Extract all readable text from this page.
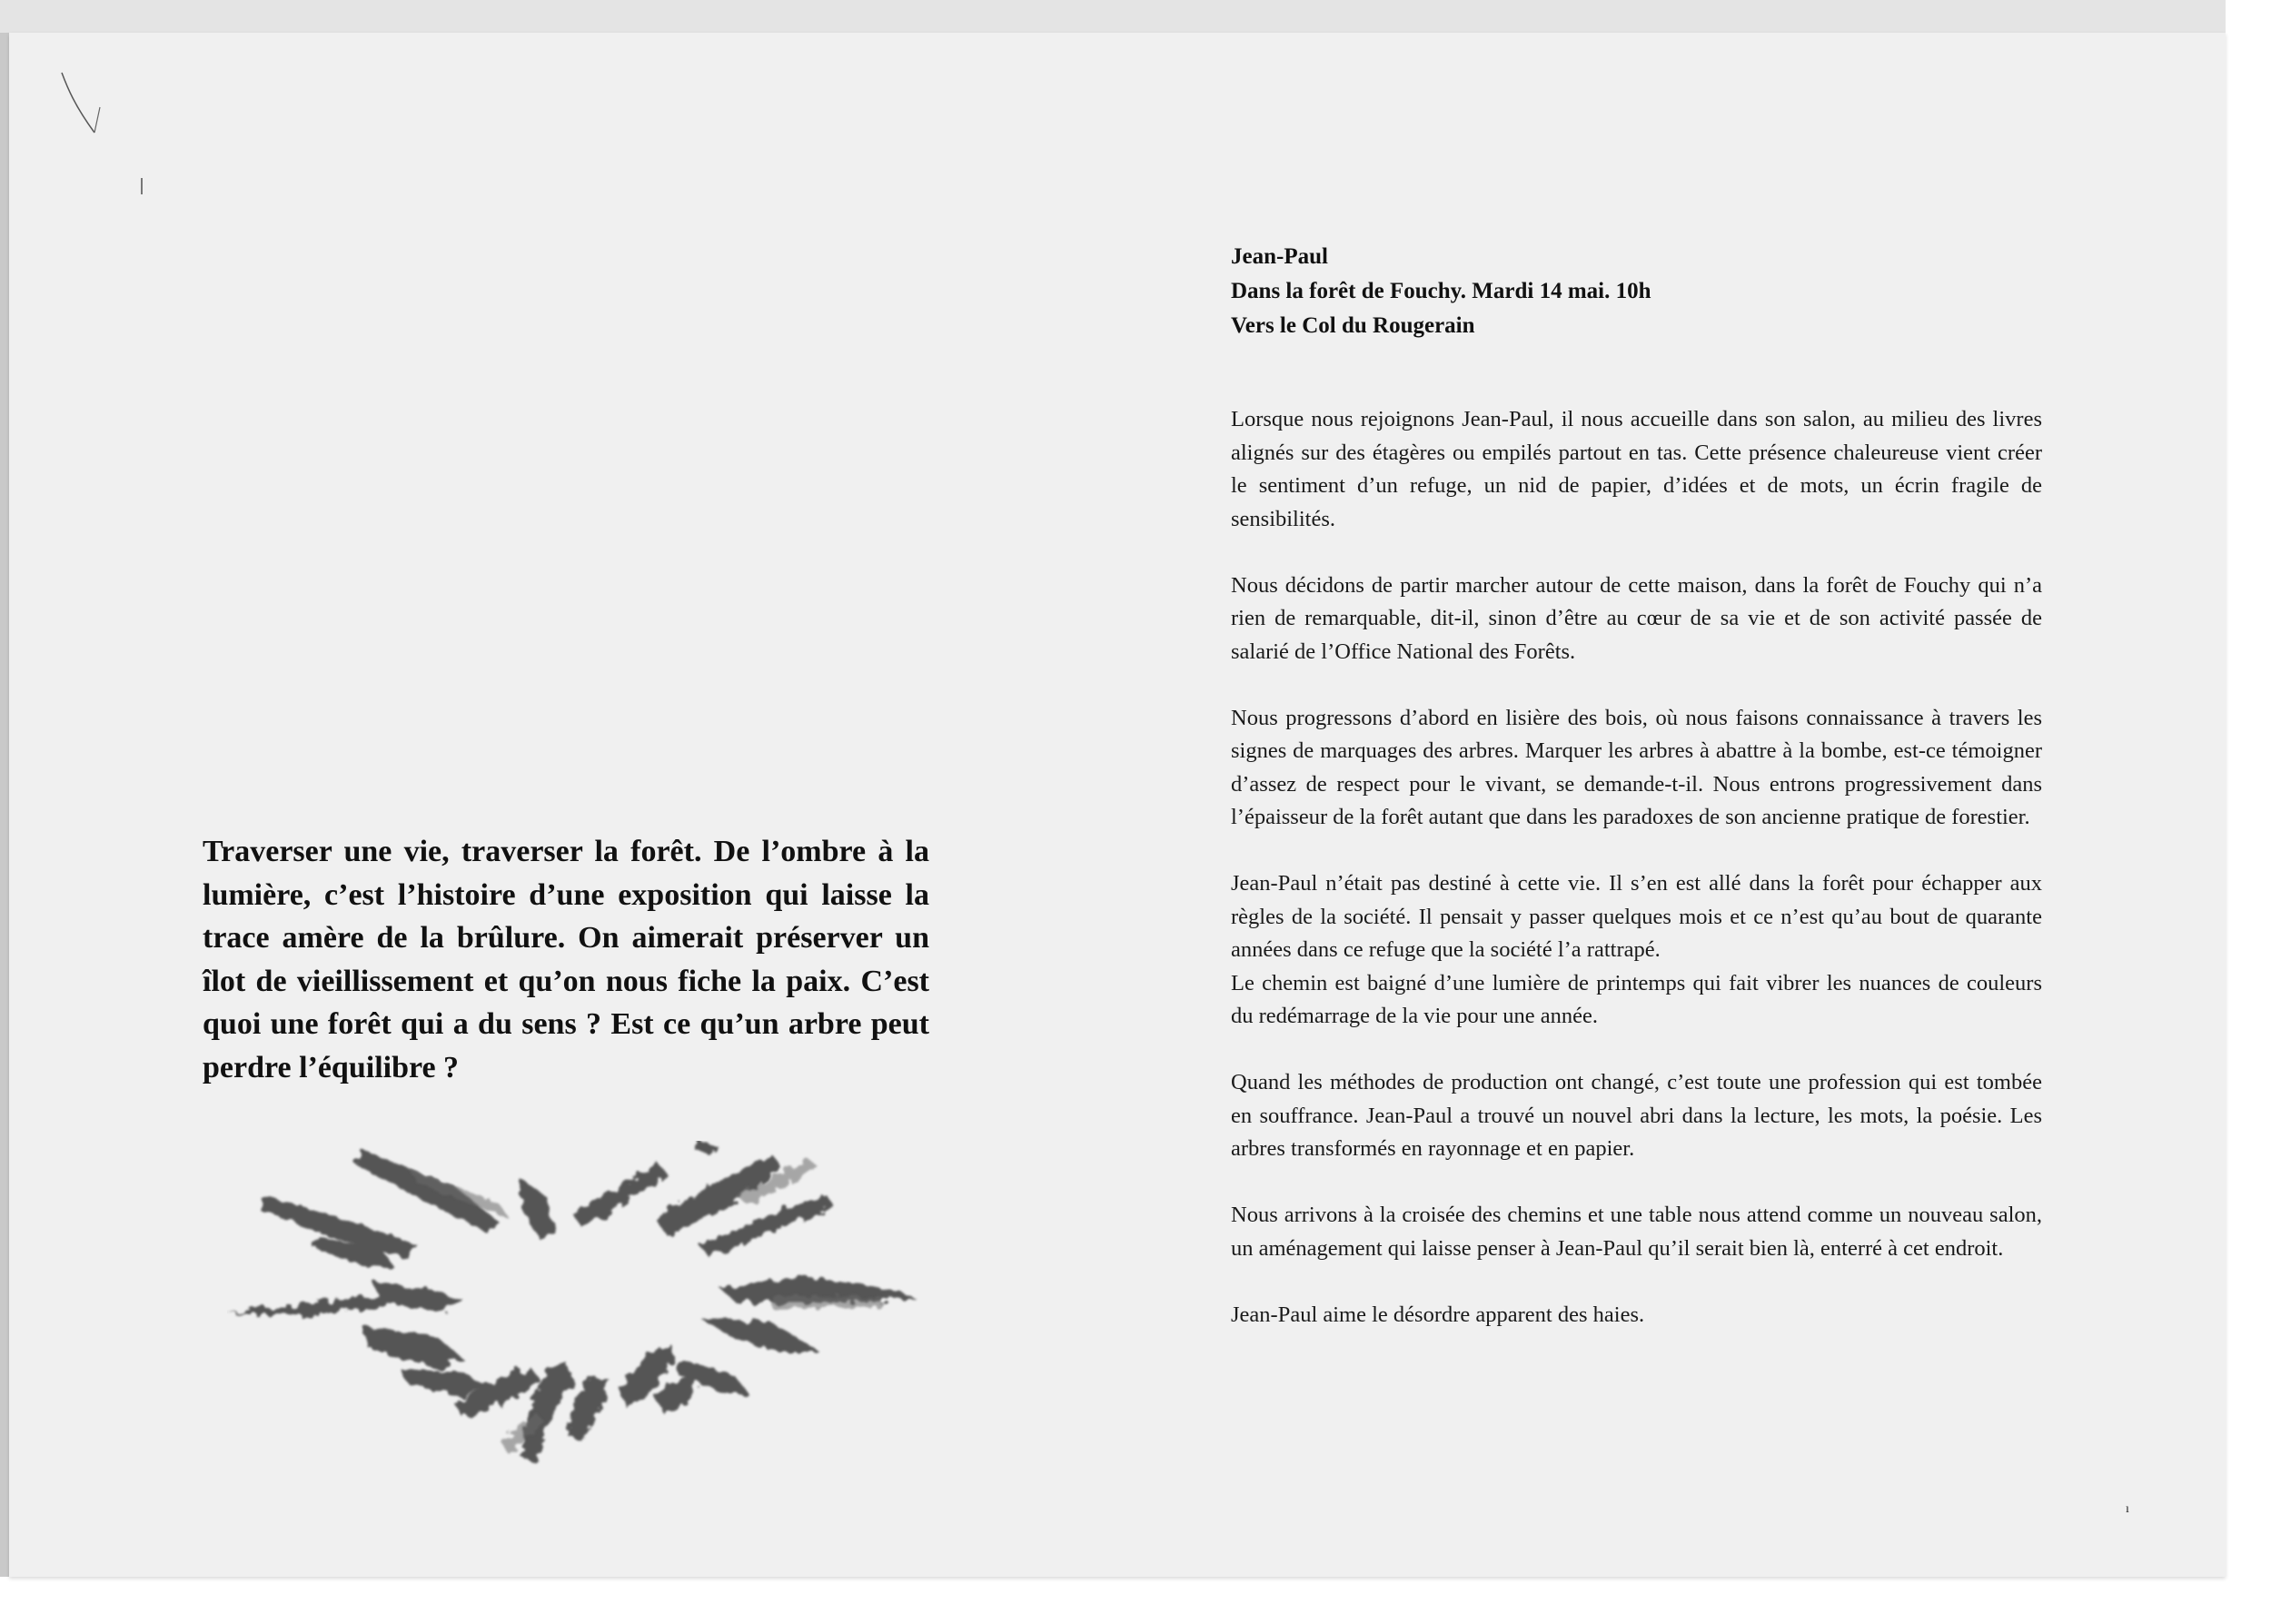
Traverser une vie, traverser la forêt. De l’ombre à la lumière, c’est l’histoire d’une exposition qui laisse la trace amère de la brûlure. On aimerait préserver un îlot de vieillissement et qu’on nous fiche la paix. C’est quoi une forêt qui a du sens ? Est ce qu’un arbre peut perdre l’équilibre ?
Jean-Paul
Dans la forêt de Fouchy. Mardi 14 mai. 10h
Vers le Col du Rougerain

Lorsque nous rejoignons Jean-Paul, il nous accueille dans son salon, au milieu des livres alignés sur des étagères ou empilés partout en tas. Cette présence chaleureuse vient créer le sentiment d’un refuge, un nid de papier, d’idées et de mots, un écrin fragile de sensibilités.

Nous décidons de partir marcher autour de cette maison, dans la forêt de Fouchy qui n’a rien de remarquable, dit-il, sinon d’être au cœur de sa vie et de son activité passée de salarié de l’Office National des Forêts.

Nous progressons d’abord en lisière des bois, où nous faisons connaissance à travers les signes de marquages des arbres. Marquer les arbres à abattre à la bombe, est-ce témoigner d’assez de respect pour le vivant, se demande-t-il. Nous entrons progressivement dans l’épaisseur de la forêt autant que dans les paradoxes de son ancienne pratique de forestier.

Jean-Paul n’était pas destiné à cette vie. Il s’en est allé dans la forêt pour échapper aux règles de la société. Il pensait y passer quelques mois et ce n’est qu’au bout de quarante années dans ce refuge que la société l’a rattrapé.

Le chemin est baigné d’une lumière de printemps qui fait vibrer les nuances de couleurs du redémarrage de la vie pour une année.

Quand les méthodes de production ont changé, c’est toute une profession qui est tombée en souffrance. Jean-Paul a trouvé un nouvel abri dans la lecture, les mots, la poésie. Les arbres transformés en rayonnage et en papier.

Nous arrivons à la croisée des chemins et une table nous attend comme un nouveau salon, un aménagement qui laisse penser à Jean-Paul qu’il serait bien là, enterré à cet endroit.

Jean-Paul aime le désordre apparent des haies.

ı
